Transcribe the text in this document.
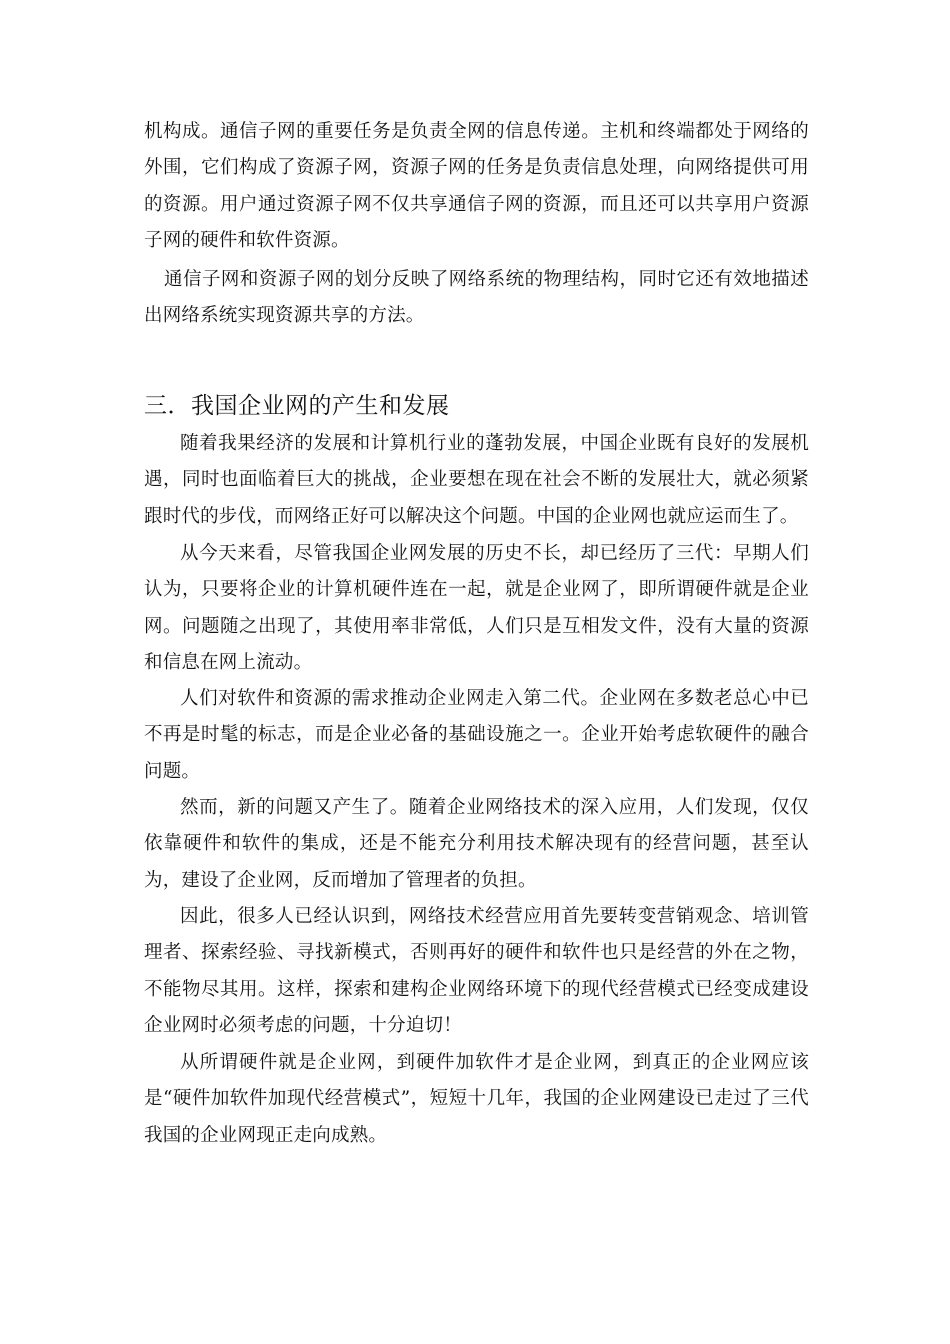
机构成。通信子网的重要任务是负责全网的信息传递。主机和终端都处于网络的外围，它们构成了资源子网，资源子网的任务是负责信息处理，向网络提供可用的资源。用户通过资源子网不仅共享通信子网的资源，而且还可以共享用户资源子网的硬件和软件资源。

通信子网和资源子网的划分反映了网络系统的物理结构，同时它还有效地描述出网络系统实现资源共享的方法。

三．我国企业网的产生和发展

随着我果经济的发展和计算机行业的蓬勃发展，中国企业既有良好的发展机遇，同时也面临着巨大的挑战，企业要想在现在社会不断的发展壮大，就必须紧跟时代的步伐，而网络正好可以解决这个问题。中国的企业网也就应运而生了。

从今天来看，尽管我国企业网发展的历史不长，却已经历了三代：早期人们认为，只要将企业的计算机硬件连在一起，就是企业网了，即所谓硬件就是企业网。问题随之出现了，其使用率非常低，人们只是互相发文件，没有大量的资源和信息在网上流动。

人们对软件和资源的需求推动企业网走入第二代。企业网在多数老总心中已不再是时髦的标志，而是企业必备的基础设施之一。企业开始考虑软硬件的融合问题。

然而，新的问题又产生了。随着企业网络技术的深入应用，人们发现，仅仅依靠硬件和软件的集成，还是不能充分利用技术解决现有的经营问题，甚至认为，建设了企业网，反而增加了管理者的负担。

因此，很多人已经认识到，网络技术经营应用首先要转变营销观念、培训管理者、探索经验、寻找新模式，否则再好的硬件和软件也只是经营的外在之物，不能物尽其用。这样，探索和建构企业网络环境下的现代经营模式已经变成建设企业网时必须考虑的问题，十分迫切！

从所谓硬件就是企业网，到硬件加软件才是企业网，到真正的企业网应该是“硬件加软件加现代经营模式”，短短十几年，我国的企业网建设已走过了三代我国的企业网现正走向成熟。
